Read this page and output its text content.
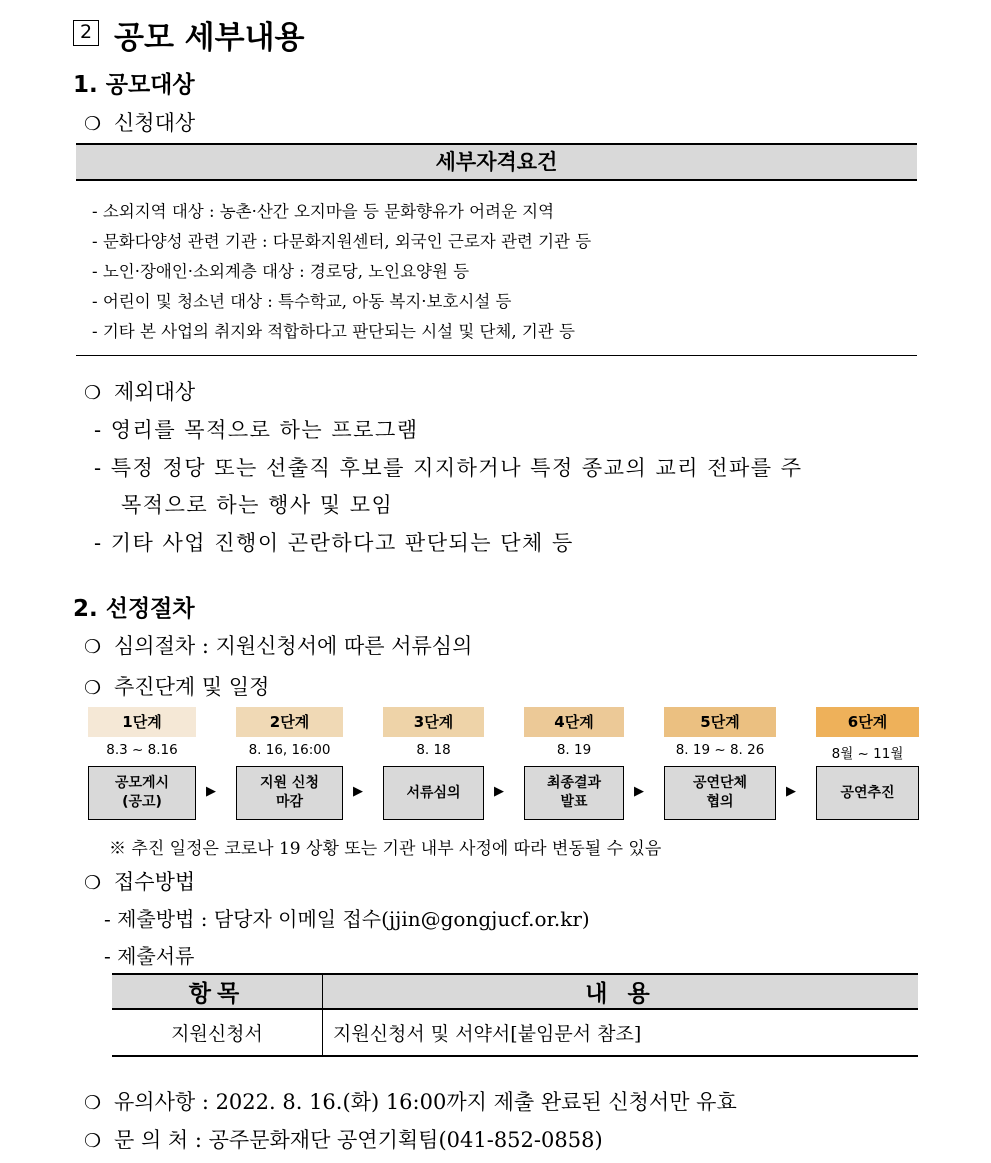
2 공모 세부내용
1. 공모대상
❍ 신청대상
세부자격요건
- 소외지역 대상 : 농촌·산간 오지마을 등 문화향유가 어려운 지역
- 문화다양성 관련 기관 : 다문화지원센터, 외국인 근로자 관련 기관 등
- 노인·장애인·소외계층 대상 : 경로당, 노인요양원 등
- 어린이 및 청소년 대상 : 특수학교, 아동 복지·보호시설 등
- 기타 본 사업의 취지와 적합하다고 판단되는 시설 및 단체, 기관 등
❍ 제외대상
- 영리를 목적으로 하는 프로그램
- 특정 정당 또는 선출직 후보를 지지하거나 특정 종교의 교리 전파를 주
목적으로 하는 행사 및 모임
- 기타 사업 진행이 곤란하다고 판단되는 단체 등
2. 선정절차
❍ 심의절차 : 지원신청서에 따른 서류심의
❍ 추진단계 및 일정
1단계
8.3 ~ 8.16
공모게시
(공고)
▶
2단계
8. 16, 16:00
지원 신청
마감
▶
3단계
8. 18
서류심의	▶
4단계
8. 19
최종결과
발표
▶
5단계
8. 19 ~ 8. 26
공연단체
협의
▶
6단계
8월 ~ 11월
공연추진
※ 추진 일정은 코로나 19 상황 또는 기관 내부 사정에 따라 변동될 수 있음
❍ 접수방법
- 제출방법 : 담당자 이메일 접수(jjin@gongjucf.or.kr)
- 제출서류
항목	내 용
지원신청서	지원신청서 및 서약서[붙임문서 참조]
❍ 유의사항 : 2022. 8. 16.(화) 16:00까지 제출 완료된 신청서만 유효
❍ 문 의 처 : 공주문화재단 공연기획팀(041-852-0858)
